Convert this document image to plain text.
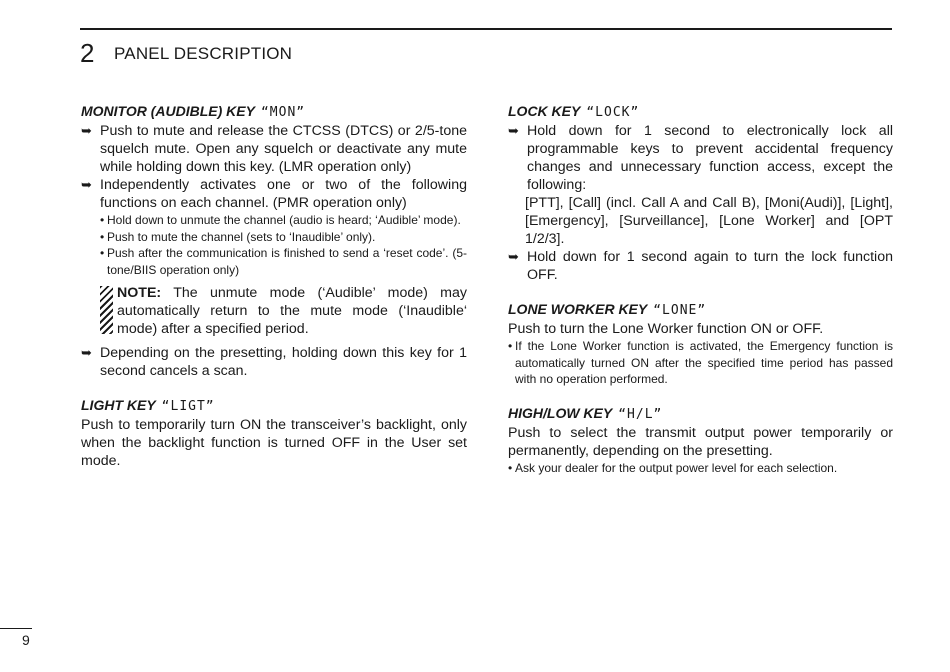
2 PANEL DESCRIPTION
MONITOR (AUDIBLE) KEY “MON”
➥ Push to mute and release the CTCSS (DTCS) or 2/5-tone squelch mute. Open any squelch or deactivate any mute while holding down this key. (LMR operation only)
➥ Independently activates one or two of the following functions on each channel. (PMR operation only)
• Hold down to unmute the channel (audio is heard; ‘Audible’ mode).
• Push to mute the channel (sets to ‘Inaudible’ only).
• Push after the communication is finished to send a ‘reset code’. (5-tone/BIIS operation only)
NOTE: The unmute mode (‘Audible’ mode) may automatically return to the mute mode (‘Inaudible‘ mode) after a specified period.
➥ Depending on the presetting, holding down this key for 1 second cancels a scan.
LIGHT KEY “LIGT”

Push to temporarily turn ON the transceiver’s backlight, only when the backlight function is turned OFF in the User set mode.

LOCK KEY “LOCK”
➥ Hold down for 1 second to electronically lock all programmable keys to prevent accidental frequency changes and unnecessary function access, except the following:
[PTT], [Call] (incl. Call A and Call B), [Moni(Audi)], [Light], [Emergency], [Surveillance], [Lone Worker] and [OPT 1/2/3].
➥ Hold down for 1 second again to turn the lock function OFF.
LONE WORKER KEY “LONE”

Push to turn the Lone Worker function ON or OFF.

• If the Lone Worker function is activated, the Emergency function is automatically turned ON after the specified time period has passed with no operation performed.
HIGH/LOW KEY “H/L”

Push to select the transmit output power temporarily or permanently, depending on the presetting.

• Ask your dealer for the output power level for each selection.
9
